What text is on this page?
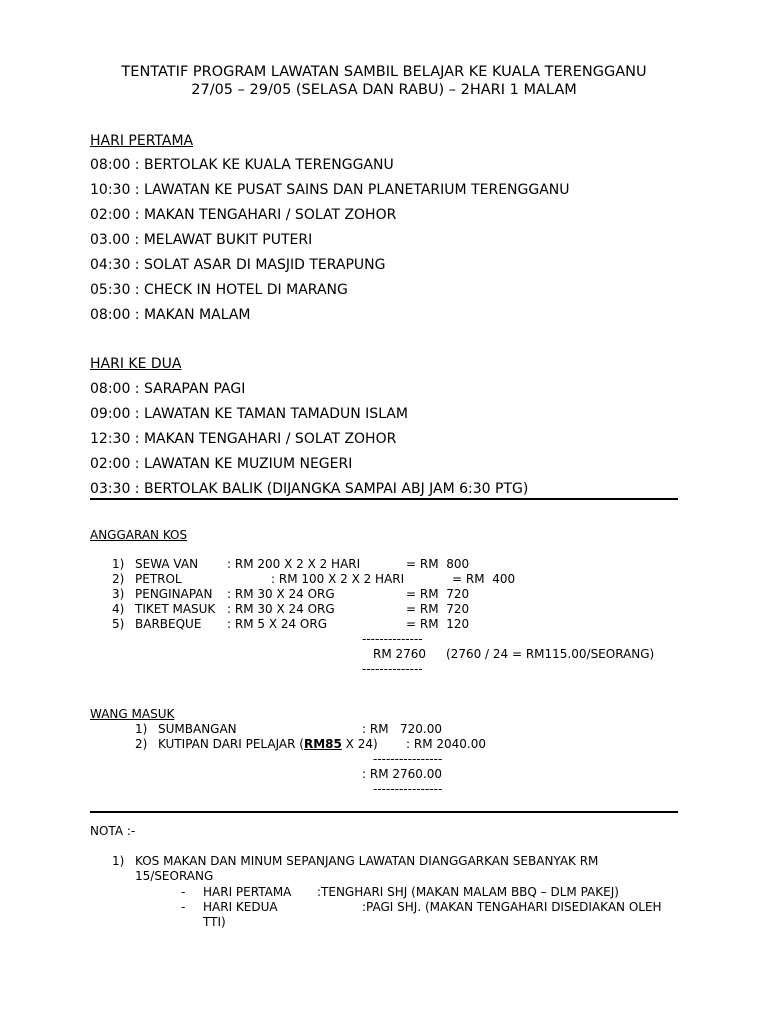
TENTATIF PROGRAM LAWATAN SAMBIL BELAJAR KE KUALA TERENGGANU
27/05 – 29/05 (SELASA DAN RABU) – 2HARI 1 MALAM
HARI PERTAMA
08:00 : BERTOLAK KE KUALA TERENGGANU
10:30 : LAWATAN KE PUSAT SAINS DAN PLANETARIUM TERENGGANU
02:00 : MAKAN TENGAHARI / SOLAT ZOHOR
03.00 : MELAWAT BUKIT PUTERI
04:30 : SOLAT ASAR DI MASJID TERAPUNG
05:30 : CHECK IN HOTEL DI MARANG
08:00 : MAKAN MALAM
HARI KE DUA
08:00 : SARAPAN PAGI
09:00 : LAWATAN KE TAMAN TAMADUN ISLAM
12:30 : MAKAN TENGAHARI / SOLAT ZOHOR
02:00 : LAWATAN KE MUZIUM NEGERI
03:30 : BERTOLAK BALIK (DIJANGKA SAMPAI ABJ JAM 6:30 PTG)
ANGGARAN KOS
1) SEWA VAN : RM 200 X 2 X 2 HARI	= RM  800
2) PETROL	: RM 100 X 2 X 2 HARI	= RM  400
3) PENGINAPAN : RM 30 X 24 ORG	= RM  720
4) TIKET MASUK : RM 30 X 24 ORG	= RM  720
5) BARBEQUE : RM 5 X 24 ORG	= RM  120
--------------
RM 2760 (2760 / 24 = RM115.00/SEORANG)
--------------
WANG MASUK
1) SUMBANGAN	: RM   720.00
2) KUTIPAN DARI PELAJAR (RM85 X 24) : RM 2040.00
----------------
: RM 2760.00
----------------
NOTA :-
1) KOS MAKAN DAN MINUM SEPANJANG LAWATAN DIANGGARKAN SEBANYAK RM
15/SEORANG
- HARI PERTAMA :TENGHARI SHJ (MAKAN MALAM BBQ – DLM PAKEJ)
- HARI KEDUA	:PAGI SHJ. (MAKAN TENGAHARI DISEDIAKAN OLEH
TTI)
